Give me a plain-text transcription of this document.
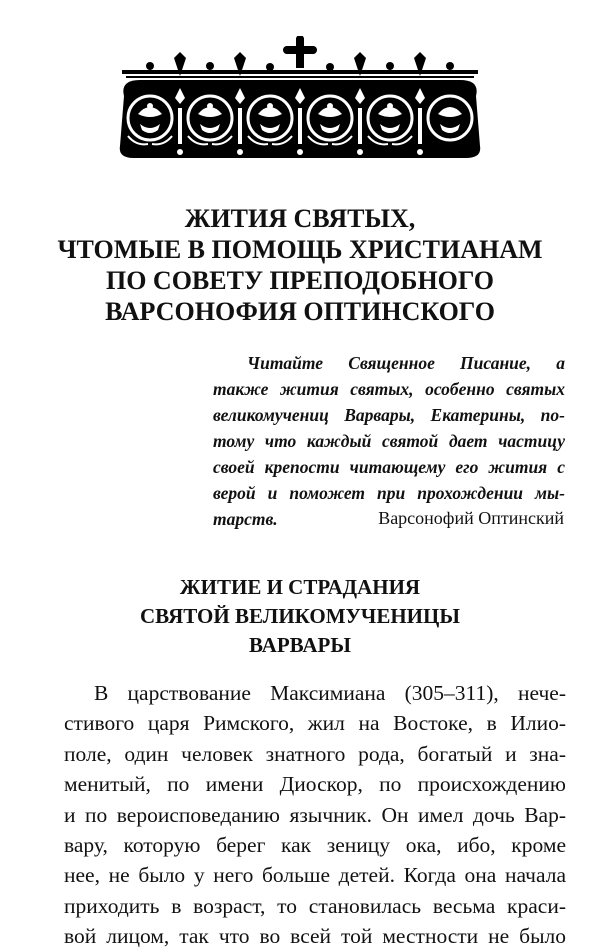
ЖИТИЯ СВЯТЫХ,
ЧТОМЫЕ В ПОМОЩЬ ХРИСТИАНАМ
ПО СОВЕТУ ПРЕПОДОБНОГО
ВАРСОНОФИЯ ОПТИНСКОГО
Читайте Священное Писание, а
также жития святых, особенно святых
великомучениц Варвары, Екатерины, по-
тому что каждый святой дает частицу
своей крепости читающему его жития с
верой и поможет при прохождении мы-
тарств.	Варсонофий Оптинский
ЖИТИЕ И СТРАДАНИЯ
СВЯТОЙ ВЕЛИКОМУЧЕНИЦЫ
ВАРВАРЫ
В царствование Максимиана (305–311), нече-
стивого царя Римского, жил на Востоке, в Илио-
поле, один человек знатного рода, богатый и зна-
менитый, по имени Диоскор, по происхождению
и по вероисповеданию язычник. Он имел дочь Вар-
вару, которую берег как зеницу ока, ибо, кроме
нее, не было у него больше детей. Когда она начала
приходить в возраст, то становилась весьма краси-
вой лицом, так что во всей той местности не было
